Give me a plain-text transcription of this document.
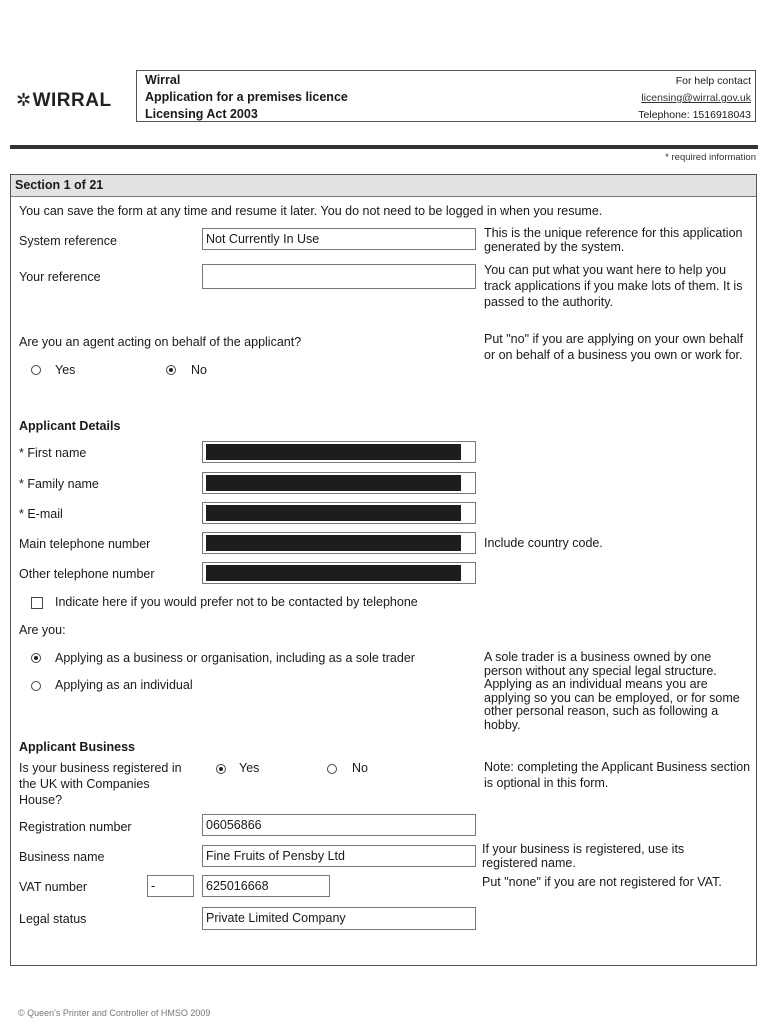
✲WIRRAL
Wirral
Application for a premises licence
Licensing Act 2003
For help contact
licensing@wirral.gov.uk
Telephone: 1516918043
* required information
Section 1 of 21
You can save the form at any time and resume it later. You do not need to be logged in when you resume.
System reference	Not Currently In Use	This is the unique reference for this application generated by the system.
Your reference	You can put what you want here to help you track applications if you make lots of them. It is passed to the authority.
Are you an agent acting on behalf of the applicant?
Yes	No
Put "no" if you are applying on your own behalf or on behalf of a business you own or work for.
Applicant Details
* First name
* Family name
* E-mail
Main telephone number	Include country code.
Other telephone number
Indicate here if you would prefer not to be contacted by telephone
Are you:
Applying as a business or organisation, including as a sole trader
Applying as an individual
A sole trader is a business owned by one person without any special legal structure. Applying as an individual means you are applying so you can be employed, or for some other personal reason, such as following a hobby.
Applicant Business
Is your business registered in the UK with Companies House?
Yes	No	Note: completing the Applicant Business section is optional in this form.
Registration number	06056866
Business name	Fine Fruits of Pensby Ltd	If your business is registered, use its registered name.
VAT number	-	625016668	Put "none" if you are not registered for VAT.
Legal status	Private Limited Company
© Queen's Printer and Controller of HMSO 2009
